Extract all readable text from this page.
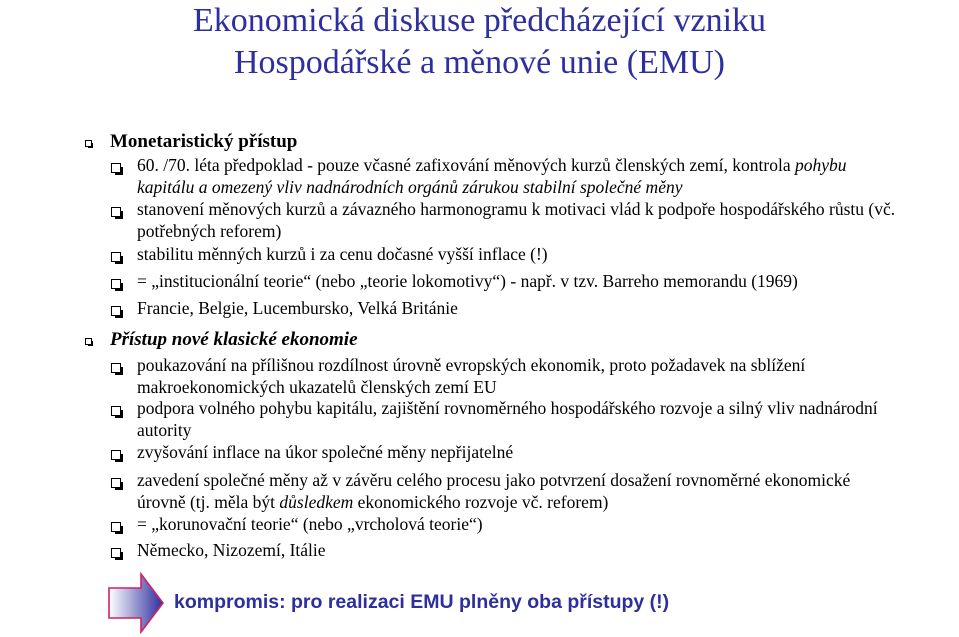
Ekonomická diskuse předcházející vzniku
Hospodářské a měnové unie (EMU)
Monetaristický přístup
60. /70. léta předpoklad - pouze včasné zafixování měnových kurzů členských zemí, kontrola pohybu kapitálu a omezený vliv nadnárodních orgánů zárukou stabilní společné měny
stanovení měnových kurzů a závazného harmonogramu k motivaci vlád k podpoře hospodářského růstu (vč. potřebných reforem)
stabilitu měnných kurzů i za cenu dočasné vyšší inflace (!)
= „institucionální teorie“ (nebo „teorie lokomotivy“) - např. v tzv. Barreho memorandu (1969)
Francie, Belgie, Lucembursko, Velká Británie
Přístup nové klasické ekonomie
poukazování na přílišnou rozdílnost úrovně evropských ekonomik, proto požadavek na sblížení makroekonomických ukazatelů členských zemí EU
podpora volného pohybu kapitálu, zajištění rovnoměrného hospodářského rozvoje a silný vliv nadnárodní autority
zvyšování inflace na úkor společné měny nepřijatelné
zavedení společné měny až v závěru celého procesu jako potvrzení dosažení rovnoměrné ekonomické úrovně (tj. měla být důsledkem ekonomického rozvoje vč. reforem)
= „korunovační teorie“ (nebo „vrcholová teorie“)
Německo, Nizozemí, Itálie
kompromis: pro realizaci EMU plněny oba přístupy (!)
